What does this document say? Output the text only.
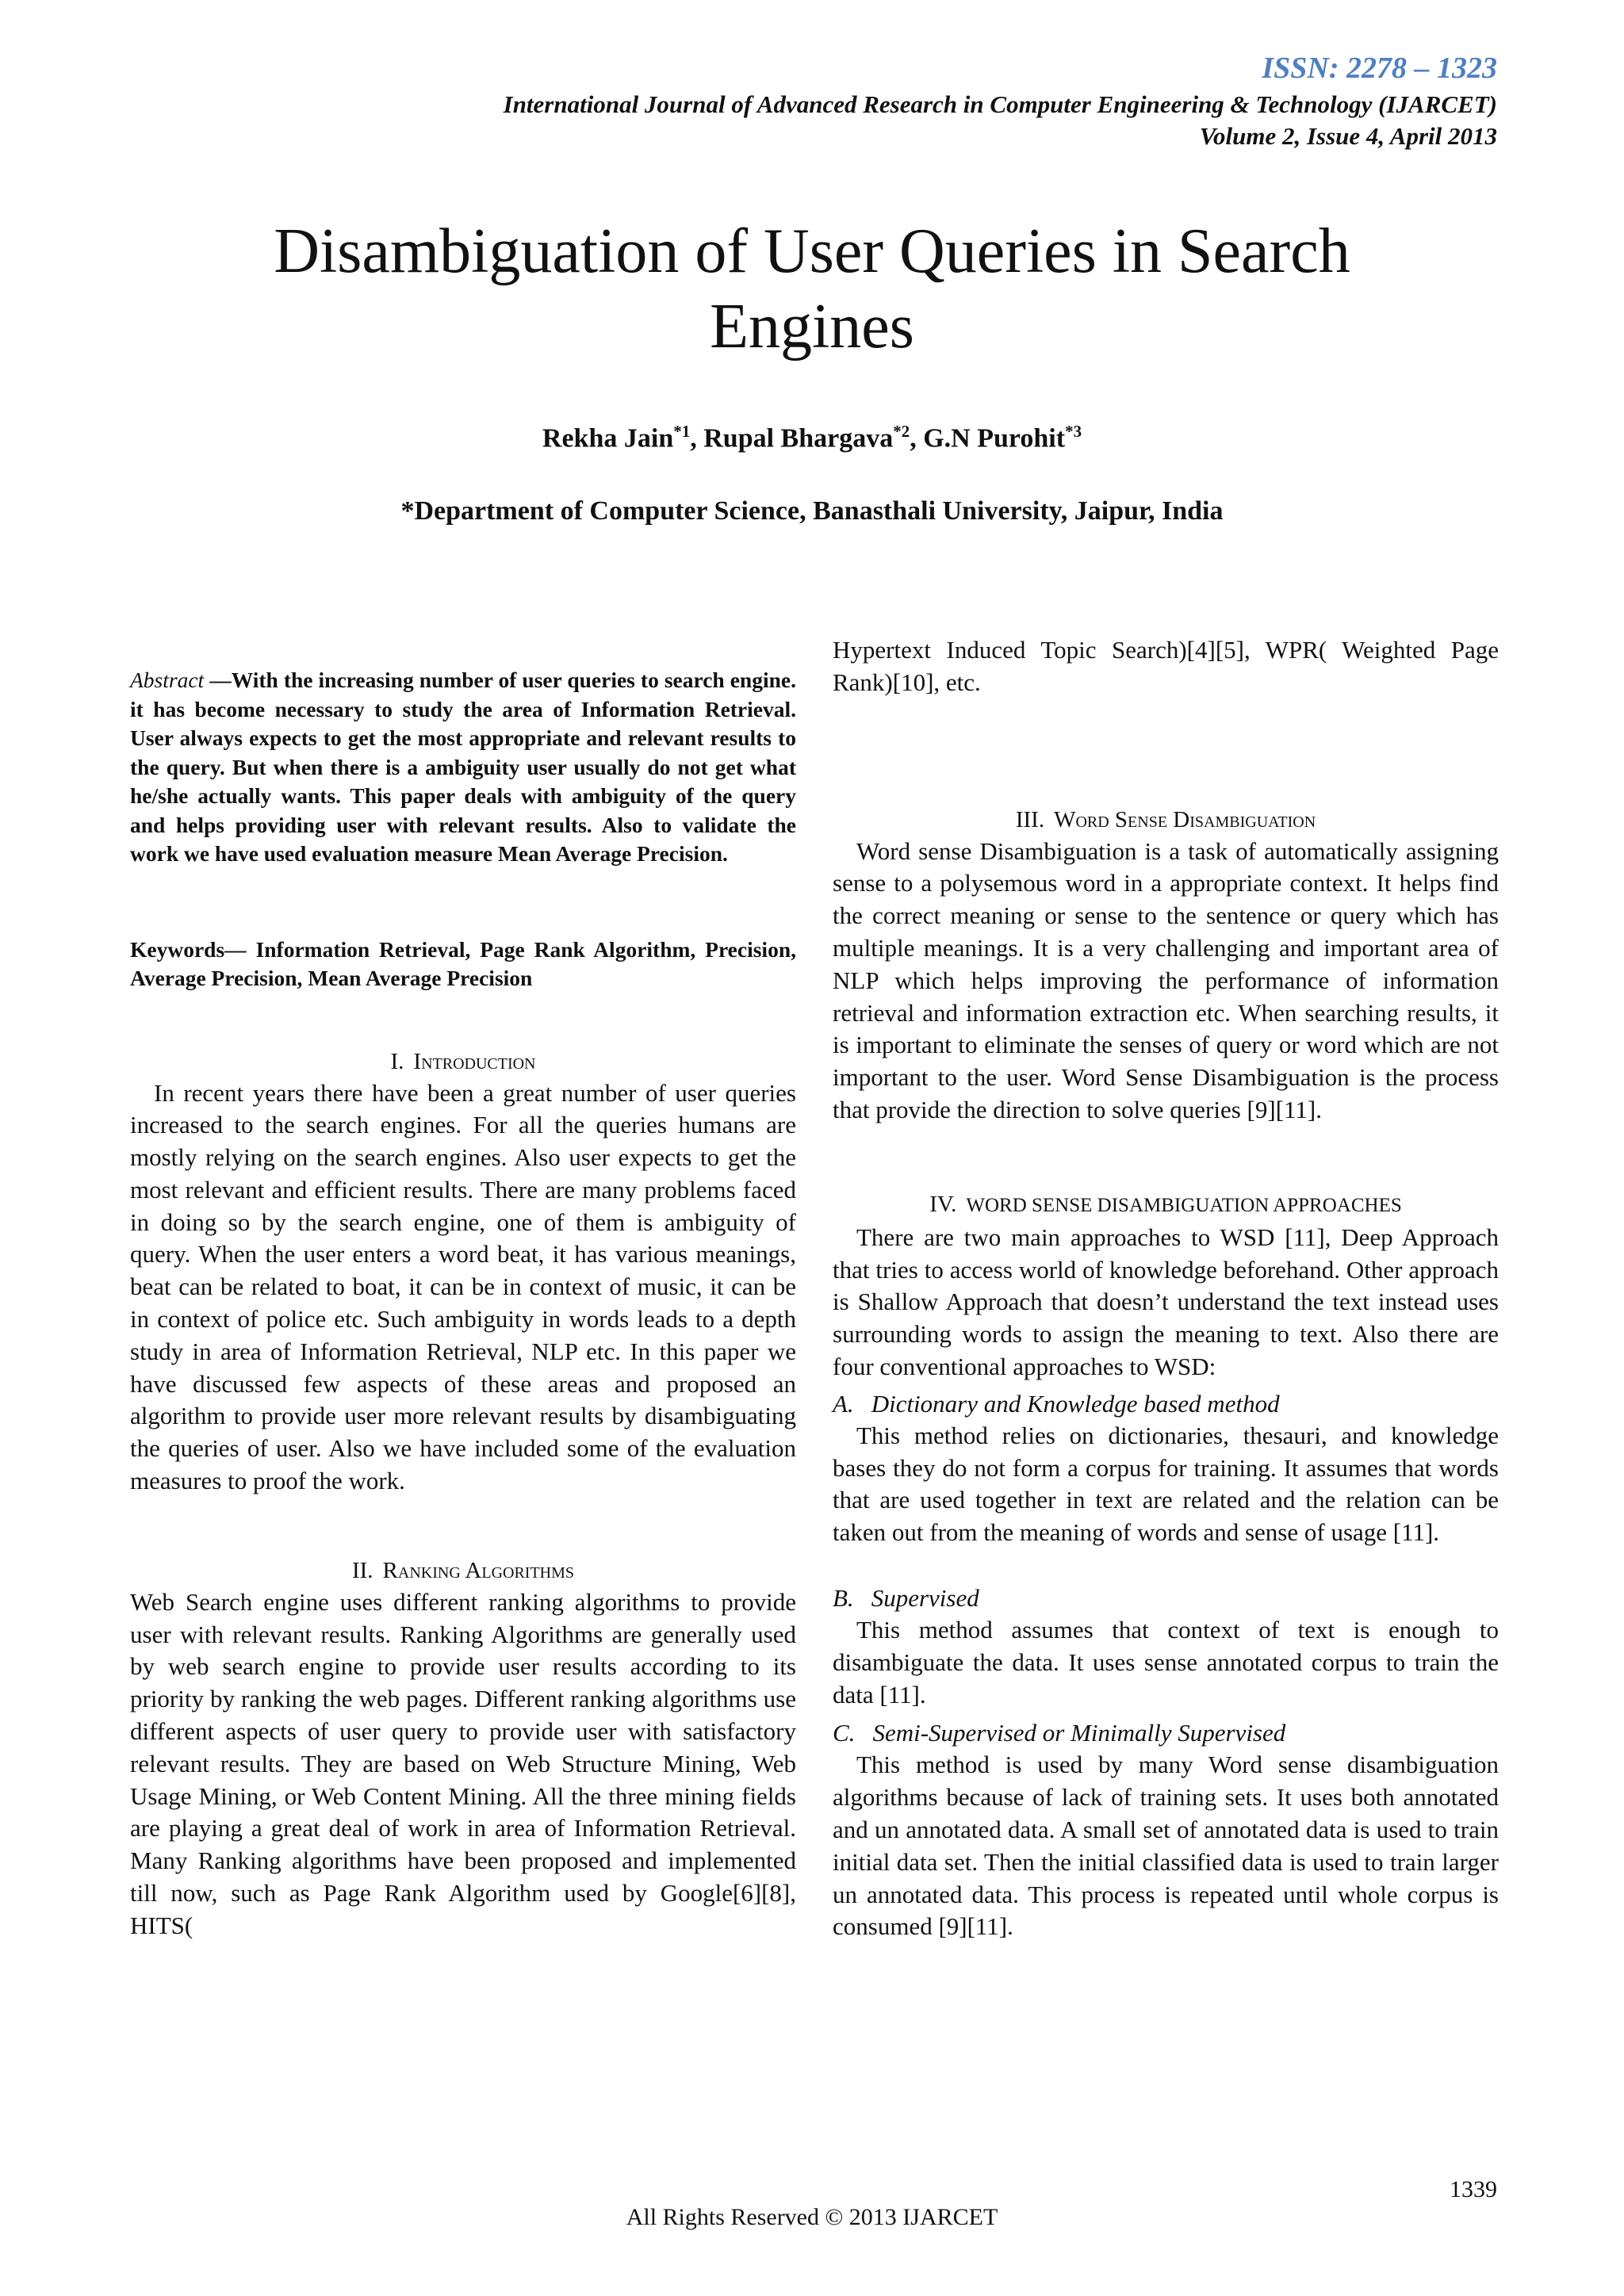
ISSN: 2278 – 1323
International Journal of Advanced Research in Computer Engineering & Technology (IJARCET)
Volume 2, Issue 4, April 2013
Disambiguation of User Queries in Search
Engines
Rekha Jain$^{*1}$, Rupal Bhargava$^{*2}$, G.N Purohit$^{*3}$
*Department of Computer Science, Banasthali University, Jaipur, India

Abstract —With the increasing number of user queries to search engine. it has become necessary to study the area of Information Retrieval. User always expects to get the most appropriate and relevant results to the query. But when there is a ambiguity user usually do not get what he/she actually wants. This paper deals with ambiguity of the query and helps providing user with relevant results. Also to validate the work we have used evaluation measure Mean Average Precision.

Keywords— Information Retrieval, Page Rank Algorithm, Precision, Average Precision, Mean Average Precision

I. Introduction

In recent years there have been a great number of user queries increased to the search engines. For all the queries humans are mostly relying on the search engines. Also user expects to get the most relevant and efficient results. There are many problems faced in doing so by the search engine, one of them is ambiguity of query. When the user enters a word beat, it has various meanings, beat can be related to boat, it can be in context of music, it can be in context of police etc. Such ambiguity in words leads to a depth study in area of Information Retrieval, NLP etc. In this paper we have discussed few aspects of these areas and proposed an algorithm to provide user more relevant results by disambiguating the queries of user. Also we have included some of the evaluation measures to proof the work.

II. Ranking Algorithms

Web Search engine uses different ranking algorithms to provide user with relevant results. Ranking Algorithms are generally used by web search engine to provide user results according to its priority by ranking the web pages. Different ranking algorithms use different aspects of user query to provide user with satisfactory relevant results. They are based on Web Structure Mining, Web Usage Mining, or Web Content Mining. All the three mining fields are playing a great deal of work in area of Information Retrieval. Many Ranking algorithms have been proposed and implemented till now, such as Page Rank Algorithm used by Google[6][8], HITS(

Hypertext Induced Topic Search)[4][5], WPR( Weighted Page Rank)[10], etc.

III. Word Sense Disambiguation

Word sense Disambiguation is a task of automatically assigning sense to a polysemous word in a appropriate context. It helps find the correct meaning or sense to the sentence or query which has multiple meanings. It is a very challenging and important area of NLP which helps improving the performance of information retrieval and information extraction etc. When searching results, it is important to eliminate the senses of query or word which are not important to the user. Word Sense Disambiguation is the process that provide the direction to solve queries [9][11].

IV. WORD SENSE DISAMBIGUATION APPROACHES

There are two main approaches to WSD [11], Deep Approach that tries to access world of knowledge beforehand. Other approach is Shallow Approach that doesn’t understand the text instead uses surrounding words to assign the meaning to text. Also there are four conventional approaches to WSD:

A. Dictionary and Knowledge based method

This method relies on dictionaries, thesauri, and knowledge bases they do not form a corpus for training. It assumes that words that are used together in text are related and the relation can be taken out from the meaning of words and sense of usage [11].

B. Supervised

This method assumes that context of text is enough to disambiguate the data. It uses sense annotated corpus to train the data [11].

C. Semi-Supervised or Minimally Supervised

This method is used by many Word sense disambiguation algorithms because of lack of training sets. It uses both annotated and un annotated data. A small set of annotated data is used to train initial data set. Then the initial classified data is used to train larger un annotated data. This process is repeated until whole corpus is consumed [9][11].

1339
All Rights Reserved © 2013 IJARCET
